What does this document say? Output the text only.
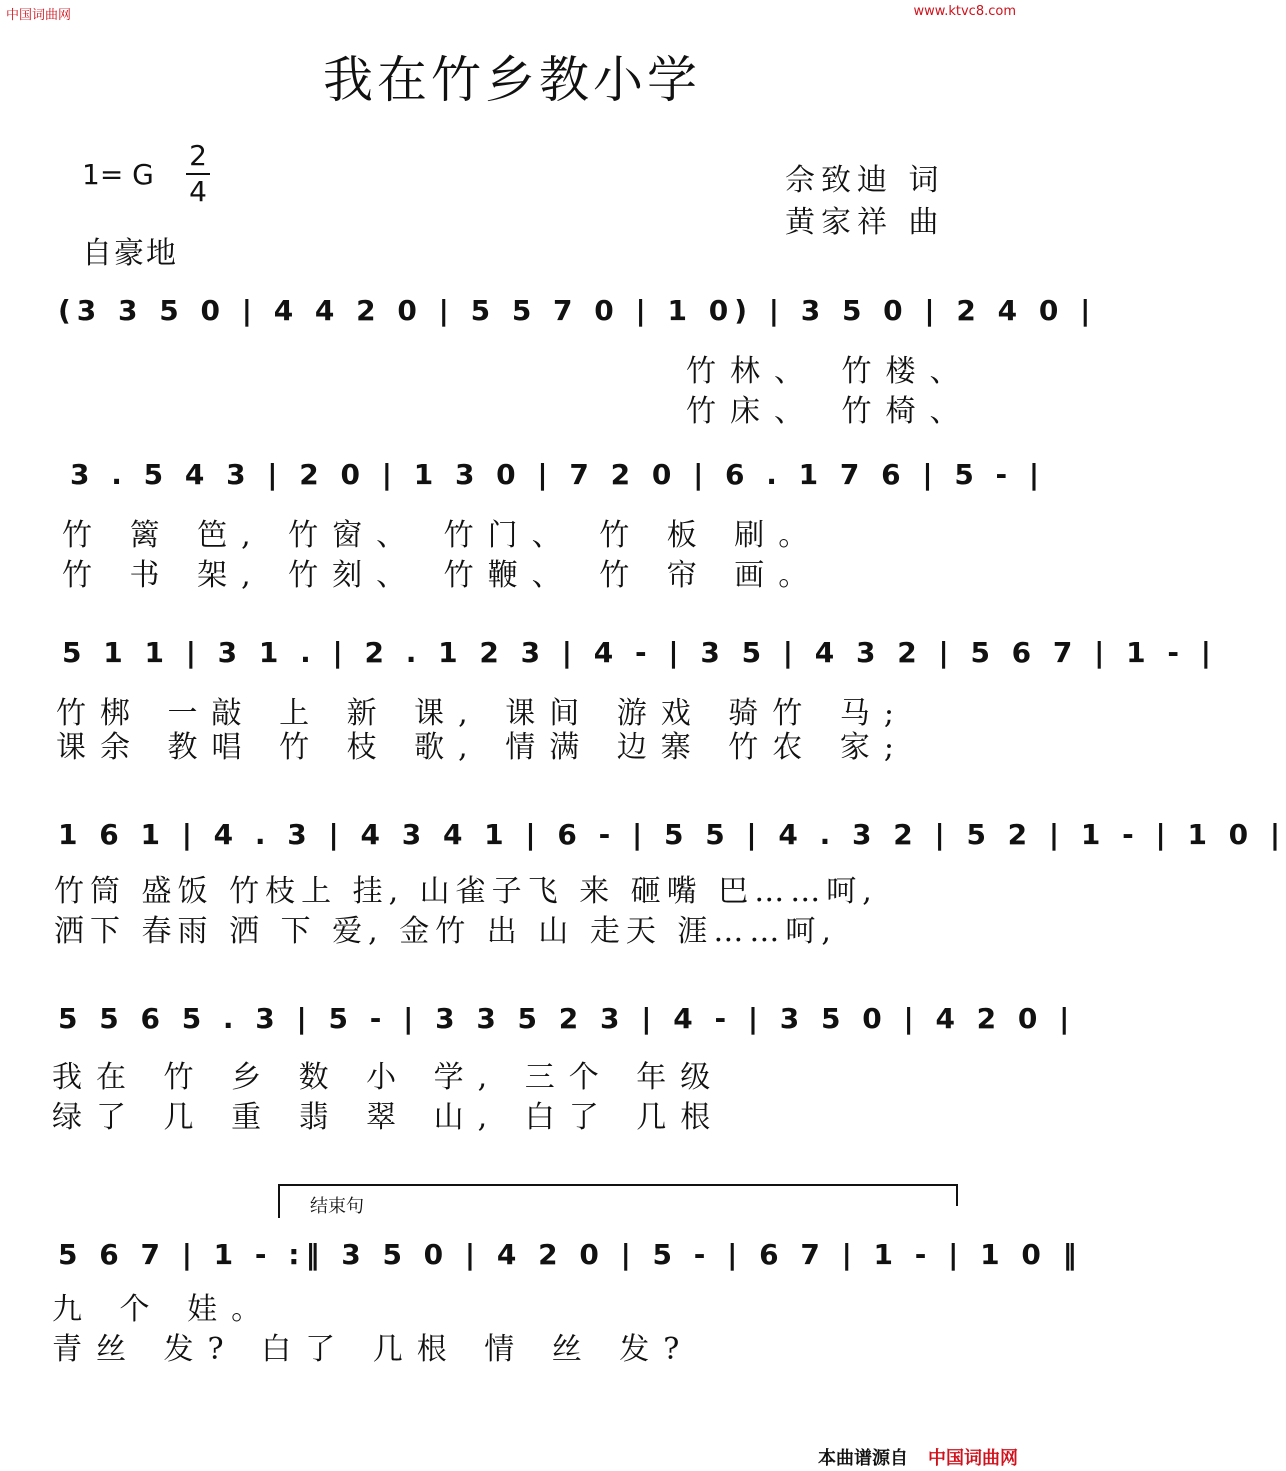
中国词曲网	www.ktvc8.com
我在竹乡教小学
1= G
2
4	佘致迪 词
黄家祥 曲
自豪地
(3 3 5 0 | 4 4 2 0 | 5 5 7 0 | 1 0) | 3 5 0 | 2 4 0 |
竹林、 竹楼、
竹床、 竹椅、
3 . 5 4 3 | 2 0 | 1 3 0 | 7 2 0 | 6 . 1 7 6 | 5 - |
竹 篱 笆, 竹窗、 竹门、 竹 板 刷。
竹 书 架, 竹刻、 竹鞭、 竹 帘 画。
5 1 1 | 3 1 . | 2 . 1 2 3 | 4 - | 3 5 | 4 3 2 | 5 6 7 | 1 - |
竹梆 一敲 上 新 课, 课间 游戏 骑竹 马;
课余 教唱 竹 枝 歌, 情满 边寨 竹农 家;
1 6 1 | 4 . 3 | 4 3 4 1 | 6 - | 5 5 | 4 . 3 2 | 5 2 | 1 - | 1 0 |
竹筒 盛饭 竹枝上 挂, 山雀子飞 来 砸嘴 巴……呵,
洒下 春雨 洒 下 爱, 金竹 出 山 走天 涯……呵,
5 5 6 5 . 3 | 5 - | 3 3 5 2 3 | 4 - | 3 5 0 | 4 2 0 |
我在 竹 乡 数 小 学, 三个 年级
绿了 几 重 翡 翠 山, 白了 几根
结束句
5 6 7 | 1 - :‖ 3 5 0 | 4 2 0 | 5 - | 6 7 | 1 - | 1 0 ‖
九 个 娃。
青丝 发? 白了 几根 情 丝 发?
本曲谱源自 中国词曲网
